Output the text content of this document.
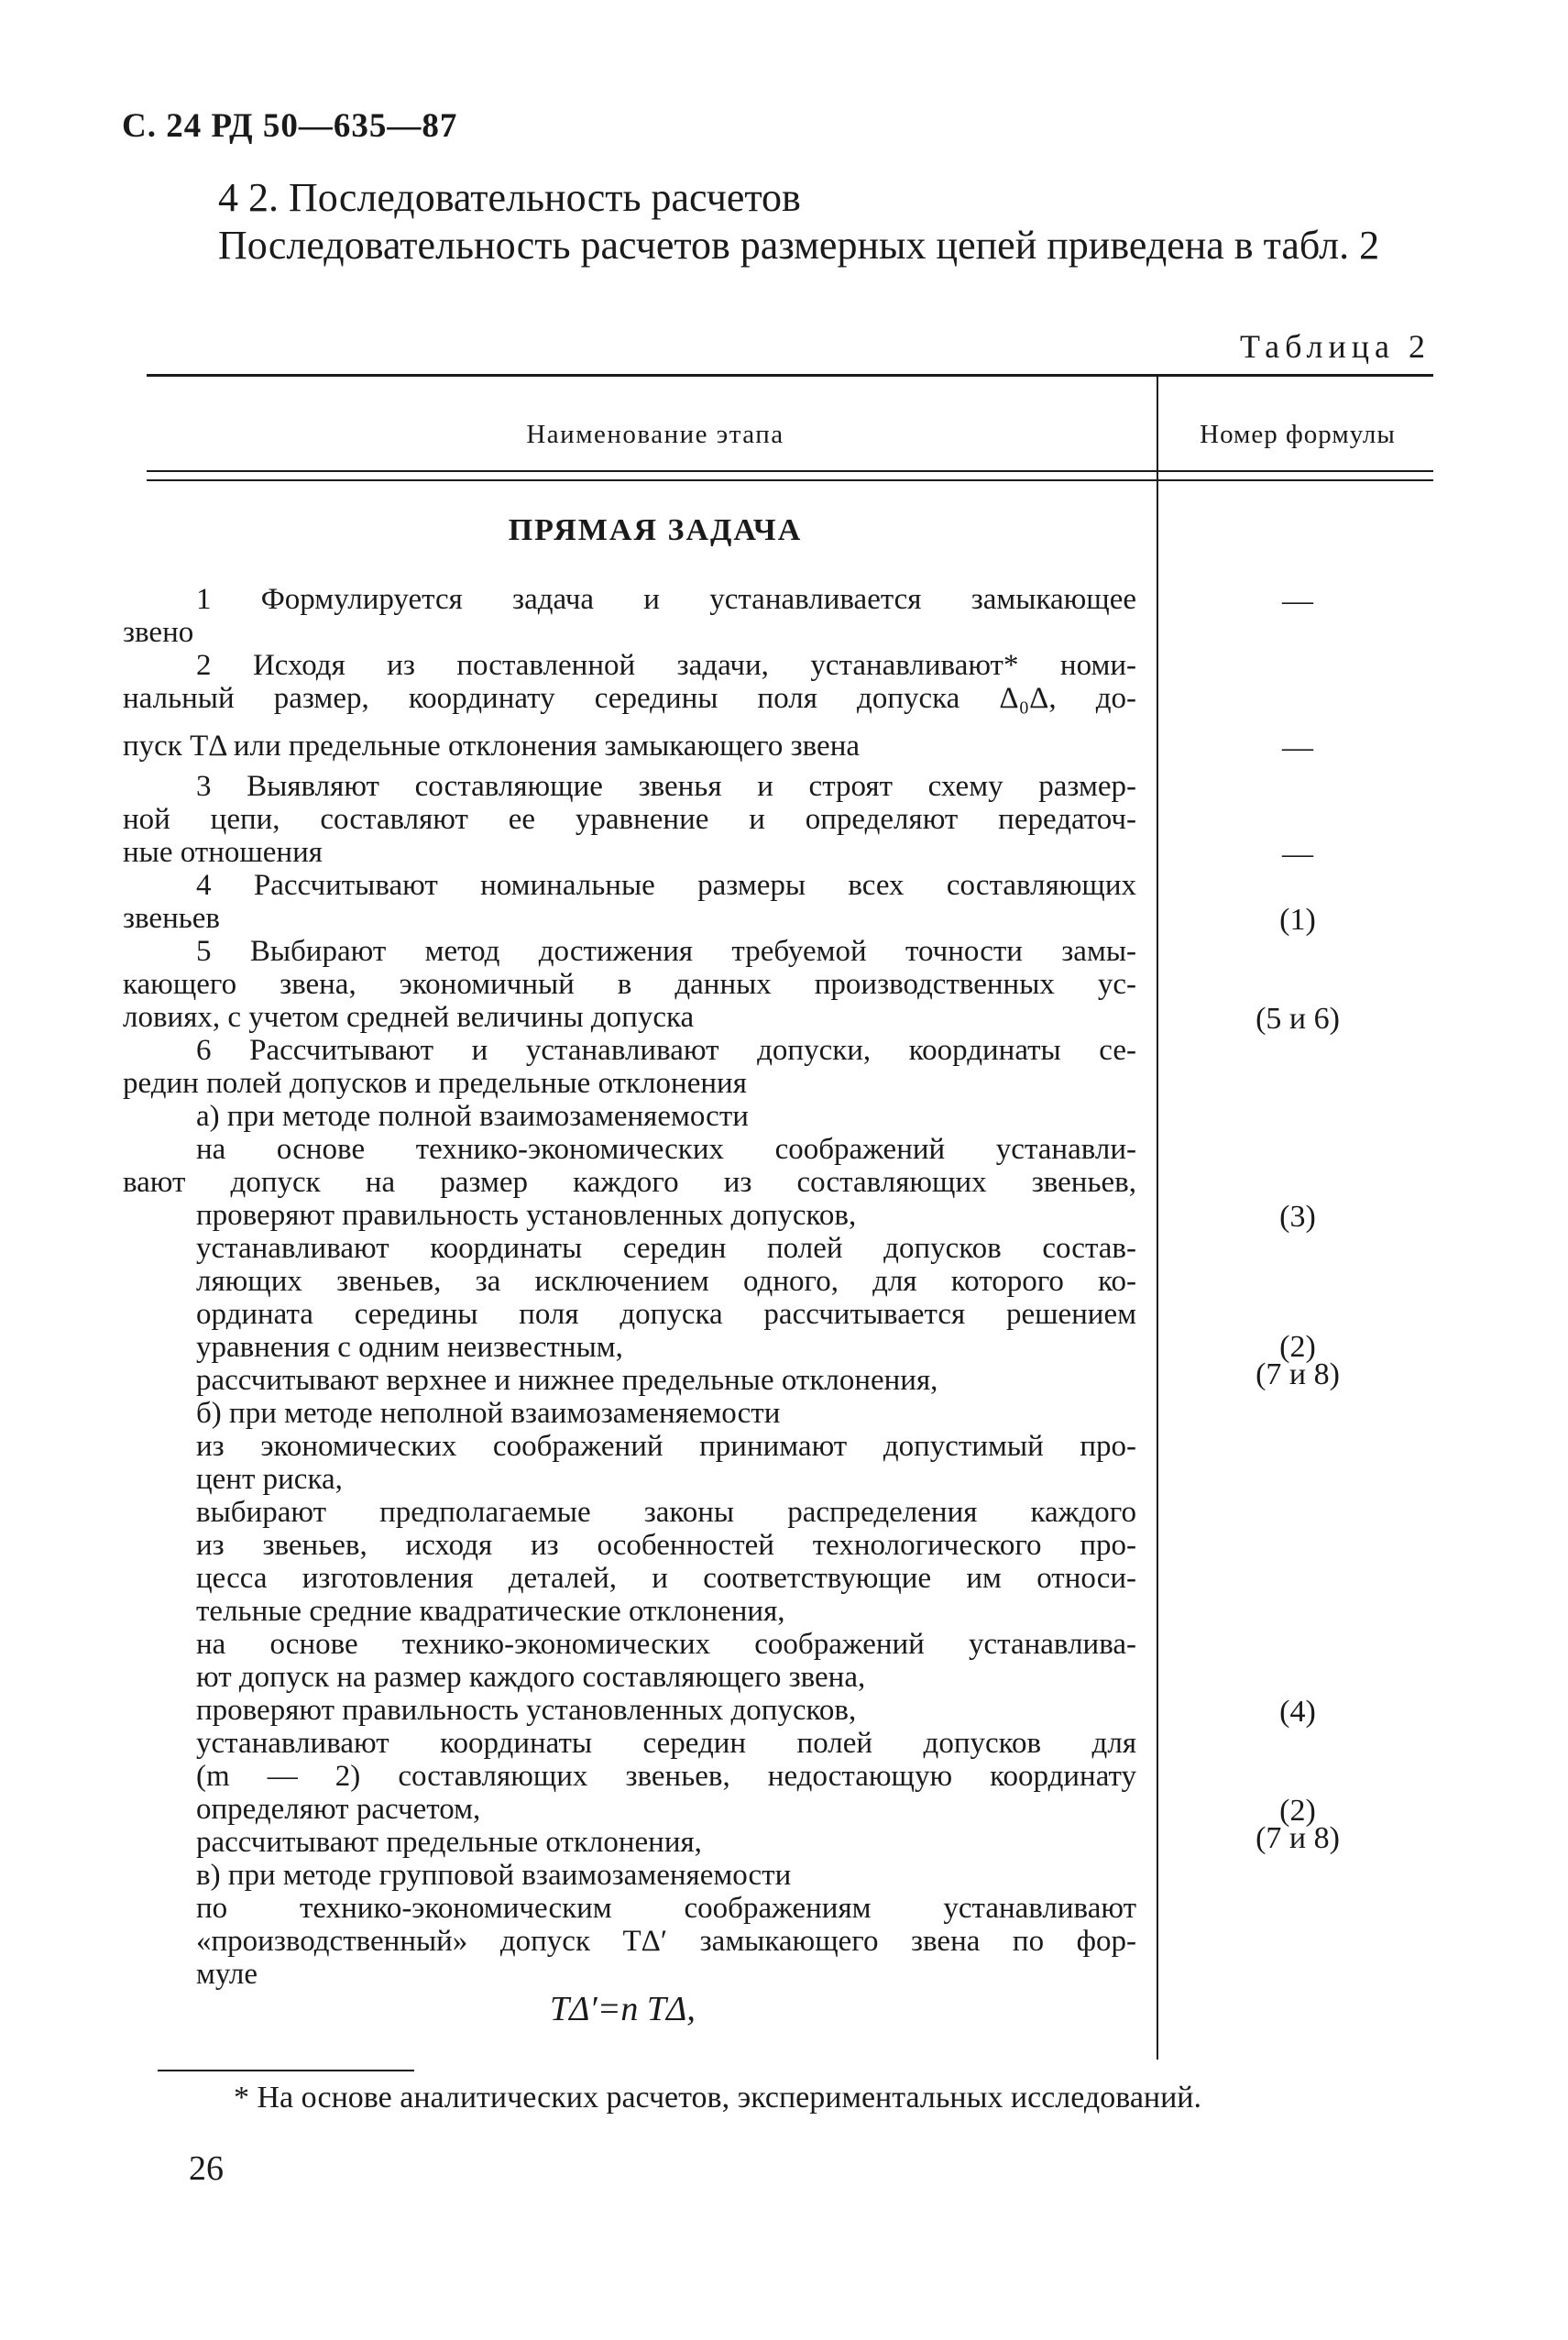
С. 24 РД 50—635—87
4 2. Последовательность расчетов
Последовательность расчетов размерных цепей приведена в табл. 2
Таблица 2
Наименование этапа	Номер формулы
ПРЯМАЯ ЗАДАЧА
1 Формулируется задача и устанавливается замыкающее
звено
2 Исходя из поставленной задачи, устанавливают* номи-
нальный размер, координату середины поля допуска Δ₀Δ, до-
пуск TΔ или предельные отклонения замыкающего звена
3 Выявляют составляющие звенья и строят схему размер-
ной цепи, составляют ее уравнение и определяют передаточ-
ные отношения
4 Рассчитывают номинальные размеры всех составляющих
звеньев
5 Выбирают метод достижения требуемой точности замы-
кающего звена, экономичный в данных производственных ус-
ловиях, с учетом средней величины допуска
6 Рассчитывают и устанавливают допуски, координаты се-
редин полей допусков и предельные отклонения
а) при методе полной взаимозаменяемости
на основе технико-экономических соображений устанавли-
вают допуск на размер каждого из составляющих звеньев,
проверяют правильность установленных допусков,
устанавливают координаты середин полей допусков состав-
ляющих звеньев, за исключением одного, для которого ко-
ордината середины поля допуска рассчитывается решением
уравнения с одним неизвестным,
рассчитывают верхнее и нижнее предельные отклонения,
б) при методе неполной взаимозаменяемости
из экономических соображений принимают допустимый про-
цент риска,
выбирают предполагаемые законы распределения каждого
из звеньев, исходя из особенностей технологического про-
цесса изготовления деталей, и соответствующие им относи-
тельные средние квадратические отклонения,
на основе технико-экономических соображений устанавлива-
ют допуск на размер каждого составляющего звена,
проверяют правильность установленных допусков,
устанавливают координаты середин полей допусков для
(m — 2) составляющих звеньев, недостающую координату
определяют расчетом,
рассчитывают предельные отклонения,
в) при методе групповой взаимозаменяемости
по технико-экономическим соображениям устанавливают
«производственный» допуск TΔ′ замыкающего звена по фор-
муле
TΔ′=n TΔ,
—
—
—
(1)
(5 и 6)
(3)
(2)
(7 и 8)
(4)
(2)
(7 и 8)
* На основе аналитических расчетов, экспериментальных исследований.
26
